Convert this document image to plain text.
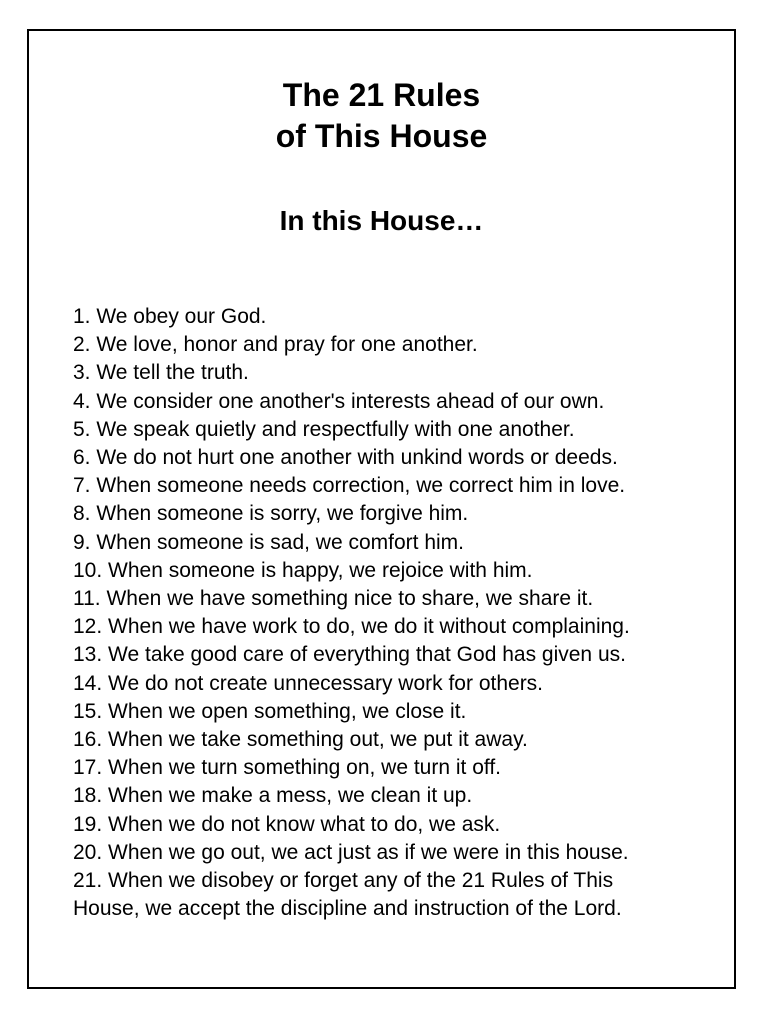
The 21 Rules
of This House
In this House…
1. We obey our God.
2. We love, honor and pray for one another.
3. We tell the truth.
4. We consider one another's interests ahead of our own.
5. We speak quietly and respectfully with one another.
6. We do not hurt one another with unkind words or deeds.
7. When someone needs correction, we correct him in love.
8. When someone is sorry, we forgive him.
9. When someone is sad, we comfort him.
10. When someone is happy, we rejoice with him.
11. When we have something nice to share, we share it.
12. When we have work to do, we do it without complaining.
13. We take good care of everything that God has given us.
14. We do not create unnecessary work for others.
15. When we open something, we close it.
16. When we take something out, we put it away.
17. When we turn something on, we turn it off.
18. When we make a mess, we clean it up.
19. When we do not know what to do, we ask.
20. When we go out, we act just as if we were in this house.
21. When we disobey or forget any of the 21 Rules of This
House, we accept the discipline and instruction of the Lord.
